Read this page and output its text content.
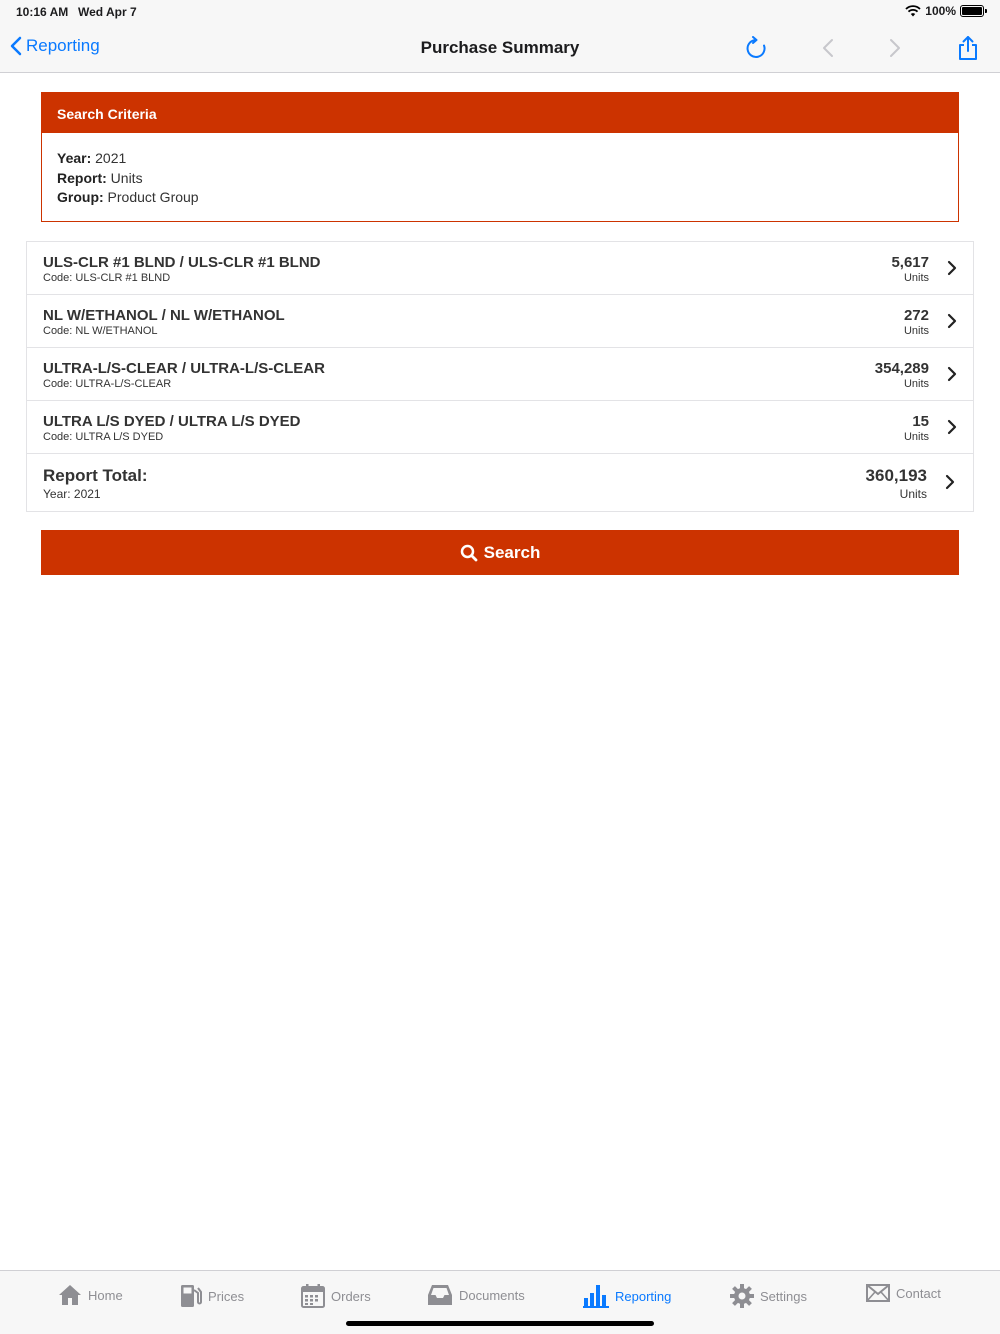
10:16 AM Wed Apr 7	100%
Reporting	Purchase Summary
Search Criteria
Year: 2021
Report: Units
Group: Product Group
ULS-CLR #1 BLND / ULS-CLR #1 BLND
Code: ULS-CLR #1 BLND
5,617
Units
NL W/ETHANOL / NL W/ETHANOL
Code: NL W/ETHANOL
272
Units
ULTRA-L/S-CLEAR / ULTRA-L/S-CLEAR
Code: ULTRA-L/S-CLEAR
354,289
Units
ULTRA L/S DYED / ULTRA L/S DYED
Code: ULTRA L/S DYED
15
Units
Report Total:
Year: 2021
360,193
Units
Search
Home	Prices	Orders	Documents	Reporting	Settings	Contact
